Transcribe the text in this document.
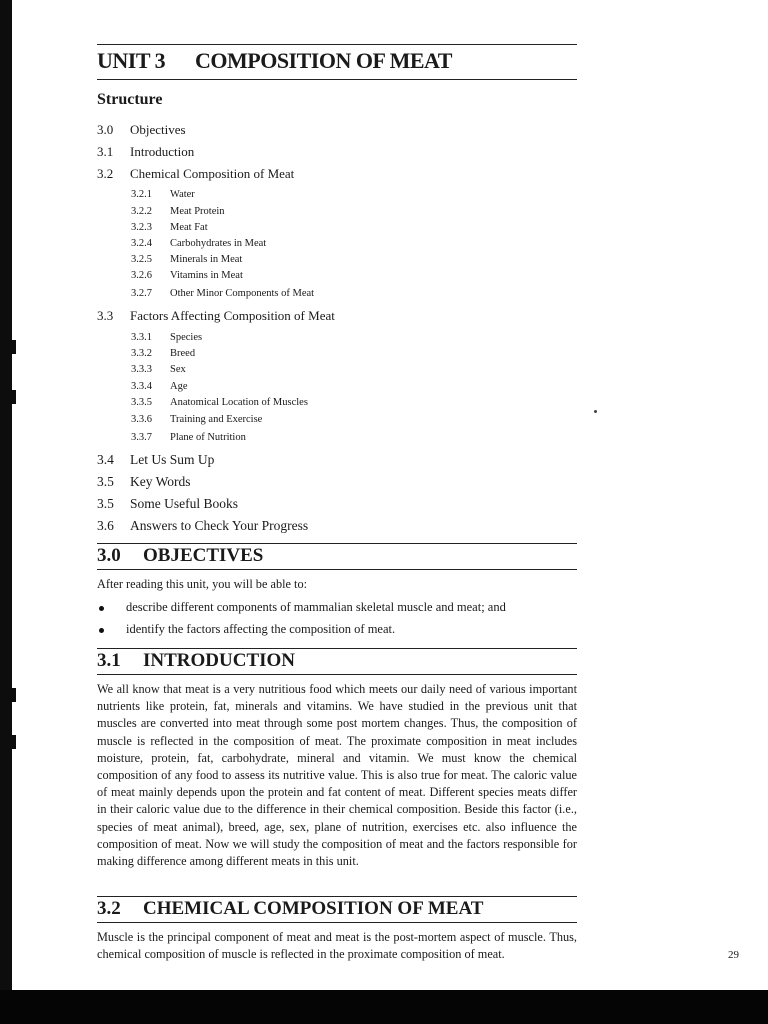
UNIT 3 COMPOSITION OF MEAT
Structure
3.0 Objectives
3.1 Introduction
3.2 Chemical Composition of Meat
3.2.1 Water
3.2.2 Meat Protein
3.2.3 Meat Fat
3.2.4 Carbohydrates in Meat
3.2.5 Minerals in Meat
3.2.6 Vitamins in Meat
3.2.7 Other Minor Components of Meat
3.3 Factors Affecting Composition of Meat
3.3.1 Species
3.3.2 Breed
3.3.3 Sex
3.3.4 Age
3.3.5 Anatomical Location of Muscles
3.3.6 Training and Exercise
3.3.7 Plane of Nutrition
3.4 Let Us Sum Up
3.5 Key Words
3.5 Some Useful Books
3.6 Answers to Check Your Progress
3.0 OBJECTIVES
After reading this unit, you will be able to:
describe different components of mammalian skeletal muscle and meat; and
identify the factors affecting the composition of meat.
3.1 INTRODUCTION
We all know that meat is a very nutritious food which meets our daily need of various important nutrients like protein, fat, minerals and vitamins. We have studied in the previous unit that muscles are converted into meat through some post mortem changes. Thus, the composition of muscle is reflected in the composition of meat. The proximate composition in meat includes moisture, protein, fat, carbohydrate, mineral and vitamin. We must know the chemical composition of any food to assess its nutritive value. This is also true for meat. The caloric value of meat mainly depends upon the protein and fat content of meat. Different species meats differ in their caloric value due to the difference in their chemical composition. Beside this factor (i.e., species of meat animal), breed, age, sex, plane of nutrition, exercises etc. also influence the composition of meat. Now we will study the composition of meat and the factors responsible for making difference among different meats in this unit.
3.2 CHEMICAL COMPOSITION OF MEAT
Muscle is the principal component of meat and meat is the post-mortem aspect of muscle. Thus, chemical composition of muscle is reflected in the proximate composition of meat.	29
